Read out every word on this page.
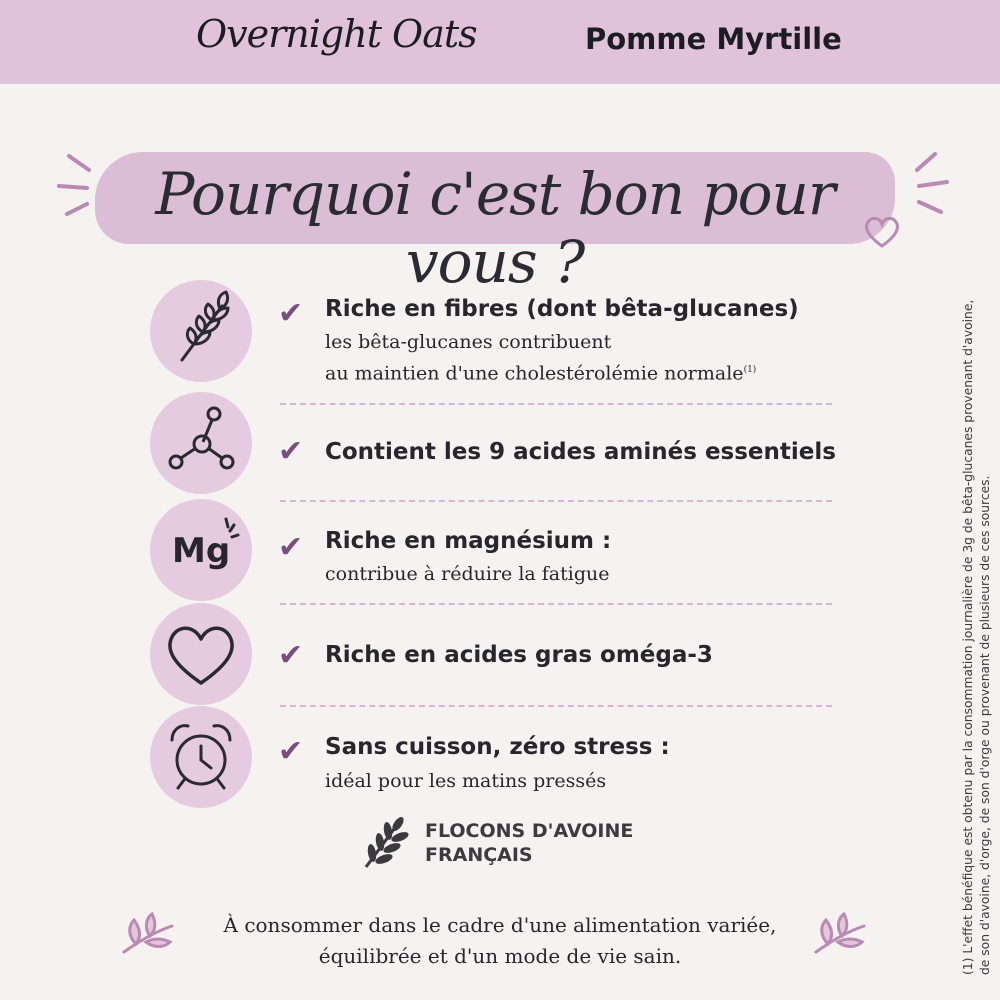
Overnight Oats	Pomme Myrtille
Pourquoi c'est bon pour vous ?
✔ Riche en fibres (dont bêta-glucanes)
les bêta-glucanes contribuent
au maintien d'une cholestérolémie normale$^{(1)}$
✔ Contient les 9 acides aminés essentiels
Mg ✔ Riche en magnésium :
contribue à réduire la fatigue
✔ Riche en acides gras oméga-3
✔ Sans cuisson, zéro stress :
idéal pour les matins pressés
FLOCONS D'AVOINE
FRANÇAIS
À consommer dans le cadre d'une alimentation variée,
équilibrée et d'un mode de vie sain.	(1) L'effet bénéfique est obtenu par la consommation journalière de 3g de bêta-glucanes provenant d'avoine, de son d'avoine, d'orge, de son d'orge ou provenant de plusieurs de ces sources.
